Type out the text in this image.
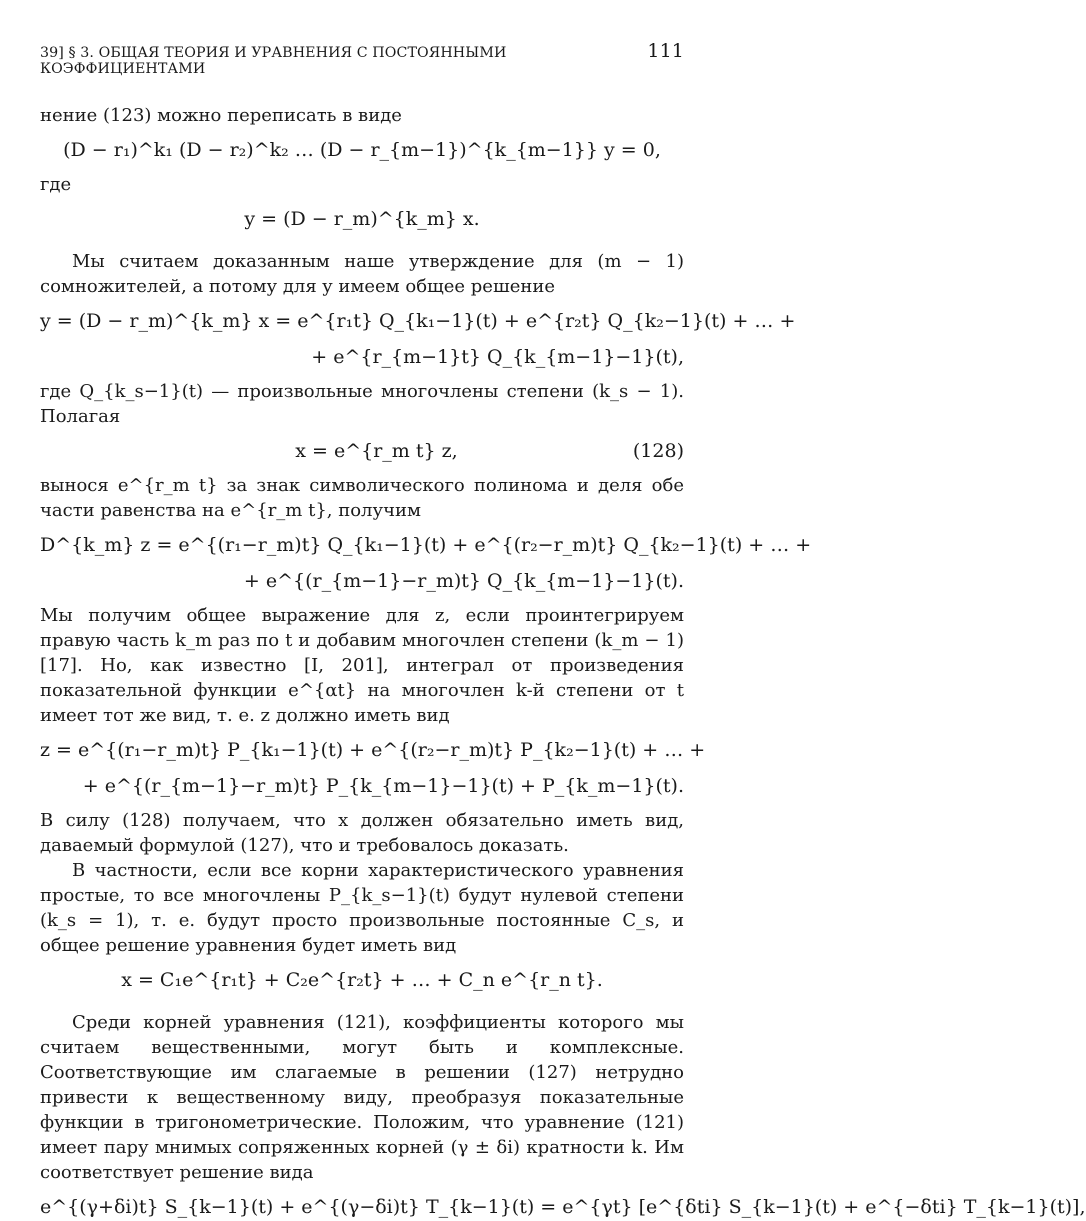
39] § 3. ОБЩАЯ ТЕОРИЯ И УРАВНЕНИЯ С ПОСТОЯННЫМИ КОЭФФИЦИЕНТАМИ
111

нение (123) можно переписать в виде

(D − r₁)^k₁ (D − r₂)^k₂ … (D − r_{m−1})^{k_{m−1}} y = 0,

где

y = (D − r_m)^{k_m} x.

Мы считаем доказанным наше утверждение для (m − 1) сомножителей, а потому для y имеем общее решение

y = (D − r_m)^{k_m} x = e^{r₁t} Q_{k₁−1}(t) + e^{r₂t} Q_{k₂−1}(t) + … +
+ e^{r_{m−1}t} Q_{k_{m−1}−1}(t),

где Q_{k_s−1}(t) — произвольные многочлены степени (k_s − 1). Полагая

x = e^{r_m t} z,	(128)

вынося e^{r_m t} за знак символического полинома и деля обе части равенства на e^{r_m t}, получим

D^{k_m} z = e^{(r₁−r_m)t} Q_{k₁−1}(t) + e^{(r₂−r_m)t} Q_{k₂−1}(t) + … +
+ e^{(r_{m−1}−r_m)t} Q_{k_{m−1}−1}(t).

Мы получим общее выражение для z, если проинтегрируем правую часть k_m раз по t и добавим многочлен степени (k_m − 1) [17]. Но, как известно [I, 201], интеграл от произведения показательной функции e^{αt} на многочлен k-й степени от t имеет тот же вид, т. е. z должно иметь вид

z = e^{(r₁−r_m)t} P_{k₁−1}(t) + e^{(r₂−r_m)t} P_{k₂−1}(t) + … +
+ e^{(r_{m−1}−r_m)t} P_{k_{m−1}−1}(t) + P_{k_m−1}(t).

В силу (128) получаем, что x должен обязательно иметь вид, даваемый формулой (127), что и требовалось доказать.

В частности, если все корни характеристического уравнения простые, то все многочлены P_{k_s−1}(t) будут нулевой степени (k_s = 1), т. е. будут просто произвольные постоянные C_s, и общее решение уравнения будет иметь вид

x = C₁e^{r₁t} + C₂e^{r₂t} + … + C_n e^{r_n t}.

Среди корней уравнения (121), коэффициенты которого мы считаем вещественными, могут быть и комплексные. Соответствующие им слагаемые в решении (127) нетрудно привести к вещественному виду, преобразуя показательные функции в тригонометрические. Положим, что уравнение (121) имеет пару мнимых сопряженных корней (γ ± δi) кратности k. Им соответствует решение вида

e^{(γ+δi)t} S_{k−1}(t) + e^{(γ−δi)t} T_{k−1}(t) = e^{γt} [e^{δti} S_{k−1}(t) + e^{−δti} T_{k−1}(t)],
